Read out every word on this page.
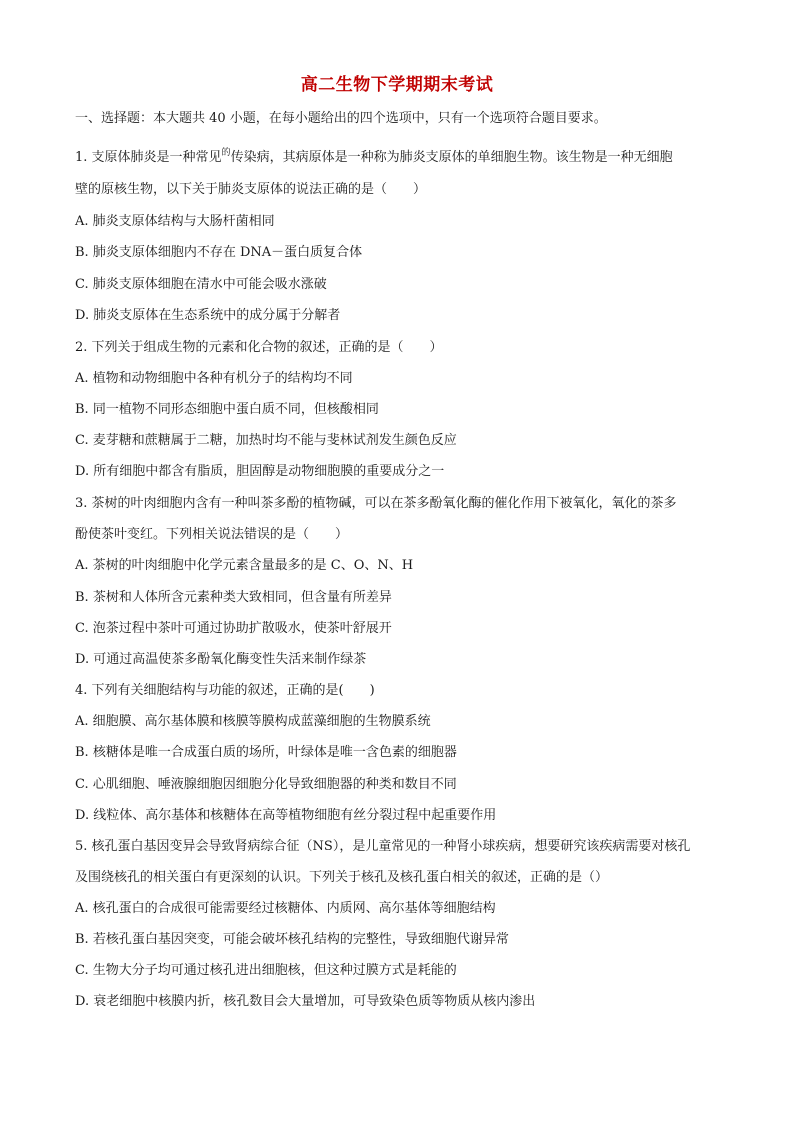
高二生物下学期期末考试
一、选择题：本大题共 40 小题，在每小题给出的四个选项中，只有一个选项符合题目要求。
1. 支原体肺炎是一种常见$^的$传染病，其病原体是一种称为肺炎支原体的单细胞生物。该生物是一种无细胞
壁的原核生物，以下关于肺炎支原体的说法正确的是（　　）
A. 肺炎支原体结构与大肠杆菌相同
B. 肺炎支原体细胞内不存在 DNA－蛋白质复合体
C. 肺炎支原体细胞在清水中可能会吸水涨破
D. 肺炎支原体在生态系统中的成分属于分解者
2. 下列关于组成生物的元素和化合物的叙述，正确的是（　　）
A. 植物和动物细胞中各种有机分子的结构均不同
B. 同一植物不同形态细胞中蛋白质不同，但核酸相同
C. 麦芽糖和蔗糖属于二糖，加热时均不能与斐林试剂发生颜色反应
D. 所有细胞中都含有脂质，胆固醇是动物细胞膜的重要成分之一
3. 茶树的叶肉细胞内含有一种叫茶多酚的植物碱，可以在茶多酚氧化酶的催化作用下被氧化，氧化的茶多
酚使茶叶变红。下列相关说法错误的是（　　）
A. 茶树的叶肉细胞中化学元素含量最多的是 C、O、N、H
B. 茶树和人体所含元素种类大致相同，但含量有所差异
C. 泡茶过程中茶叶可通过协助扩散吸水，使茶叶舒展开
D. 可通过高温使茶多酚氧化酶变性失活来制作绿茶
4. 下列有关细胞结构与功能的叙述，正确的是(　　)
A. 细胞膜、高尔基体膜和核膜等膜构成蓝藻细胞的生物膜系统
B. 核糖体是唯一合成蛋白质的场所，叶绿体是唯一含色素的细胞器
C. 心肌细胞、唾液腺细胞因细胞分化导致细胞器的种类和数目不同
D. 线粒体、高尔基体和核糖体在高等植物细胞有丝分裂过程中起重要作用
5. 核孔蛋白基因变异会导致肾病综合征（NS），是儿童常见的一种肾小球疾病，想要研究该疾病需要对核孔
及围绕核孔的相关蛋白有更深刻的认识。下列关于核孔及核孔蛋白相关的叙述，正确的是（）
A. 核孔蛋白的合成很可能需要经过核糖体、内质网、高尔基体等细胞结构
B. 若核孔蛋白基因突变，可能会破坏核孔结构的完整性，导致细胞代谢异常
C. 生物大分子均可通过核孔进出细胞核，但这种过膜方式是耗能的
D. 衰老细胞中核膜内折，核孔数目会大量增加，可导致染色质等物质从核内渗出
